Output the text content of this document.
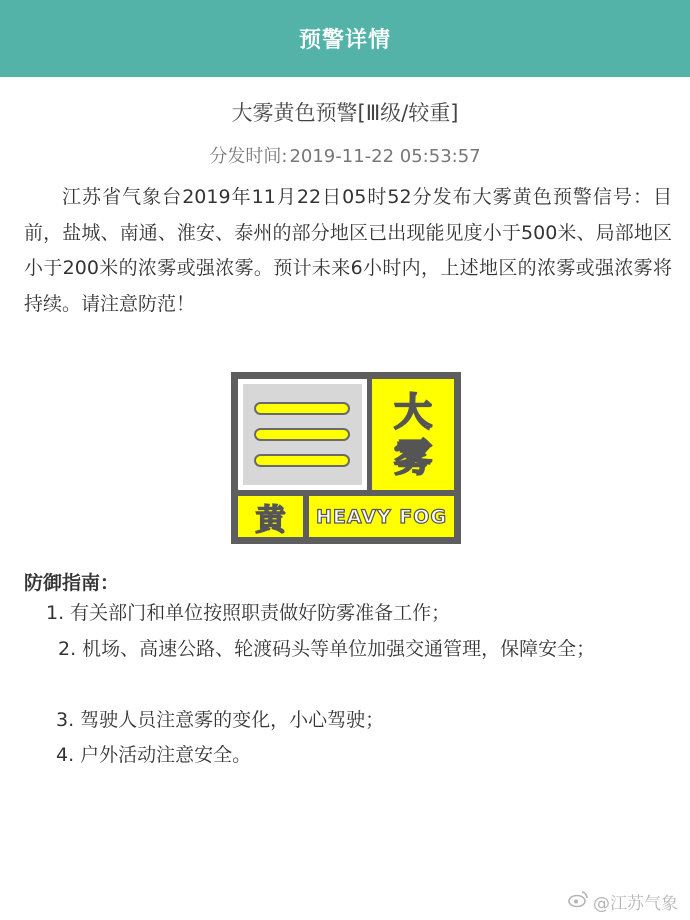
预警详情
大雾黄色预警[Ⅲ级/较重]
分发时间: 2019-11-22 05:53:57

江苏省气象台2019年11月22日05时52分发布大雾黄色预警信号：目前，盐城、南通、淮安、泰州的部分地区已出现能见度小于500米、局部地区小于200米的浓雾或强浓雾。预计未来6小时内，上述地区的浓雾或强浓雾将持续。请注意防范！

大
雾
黄	HEAVY FOG
防御指南：
1. 有关部门和单位按照职责做好防雾准备工作；
2. 机场、高速公路、轮渡码头等单位加强交通管理，保障安全；
3. 驾驶人员注意雾的变化，小心驾驶；
4. 户外活动注意安全。
@江苏气象
